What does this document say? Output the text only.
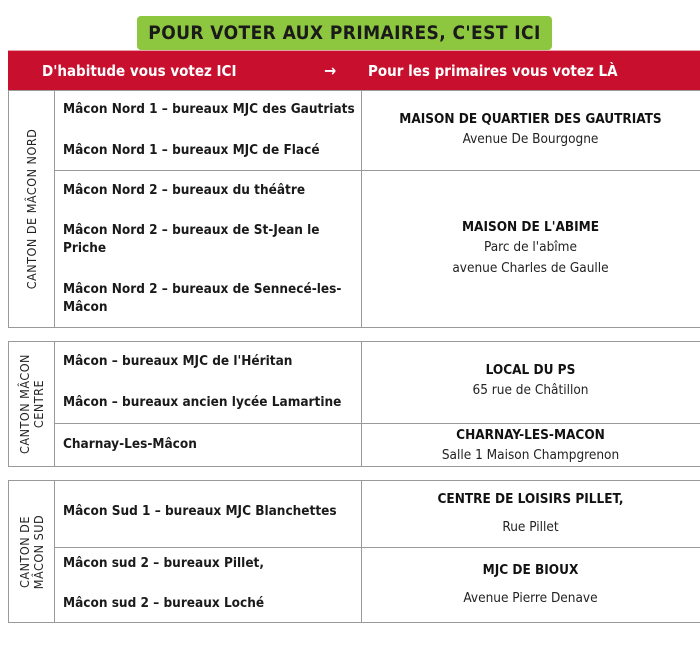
POUR VOTER AUX PRIMAIRES, C'EST ICI
D'habitude vous votez ICI	→ Pour les primaires vous votez LÀ
CANTON DE MÂCON NORD
Mâcon Nord 1 – bureaux MJC des Gautriats
Mâcon Nord 1 – bureaux MJC de Flacé
Mâcon Nord 2 – bureaux du théâtre
Mâcon Nord 2 – bureaux de St-Jean le Priche
Mâcon Nord 2 – bureaux de Sennecé-les-Mâcon
MAISON DE QUARTIER DES GAUTRIATS
Avenue De Bourgogne
MAISON DE L'ABIME
Parc de l'abîme
avenue Charles de Gaulle
CANTON MÂCON CENTRE
Mâcon – bureaux MJC de l'Héritan
Mâcon – bureaux ancien lycée Lamartine
Charnay-Les-Mâcon
LOCAL DU PS
65 rue de Châtillon
CHARNAY-LES-MACON
Salle 1 Maison Champgrenon
CANTON DE MÂCON SUD
Mâcon Sud 1 – bureaux MJC Blanchettes
Mâcon sud 2 – bureaux Pillet,
Mâcon sud 2 – bureaux Loché
CENTRE DE LOISIRS PILLET,
Rue Pillet
MJC DE BIOUX
Avenue Pierre Denave
